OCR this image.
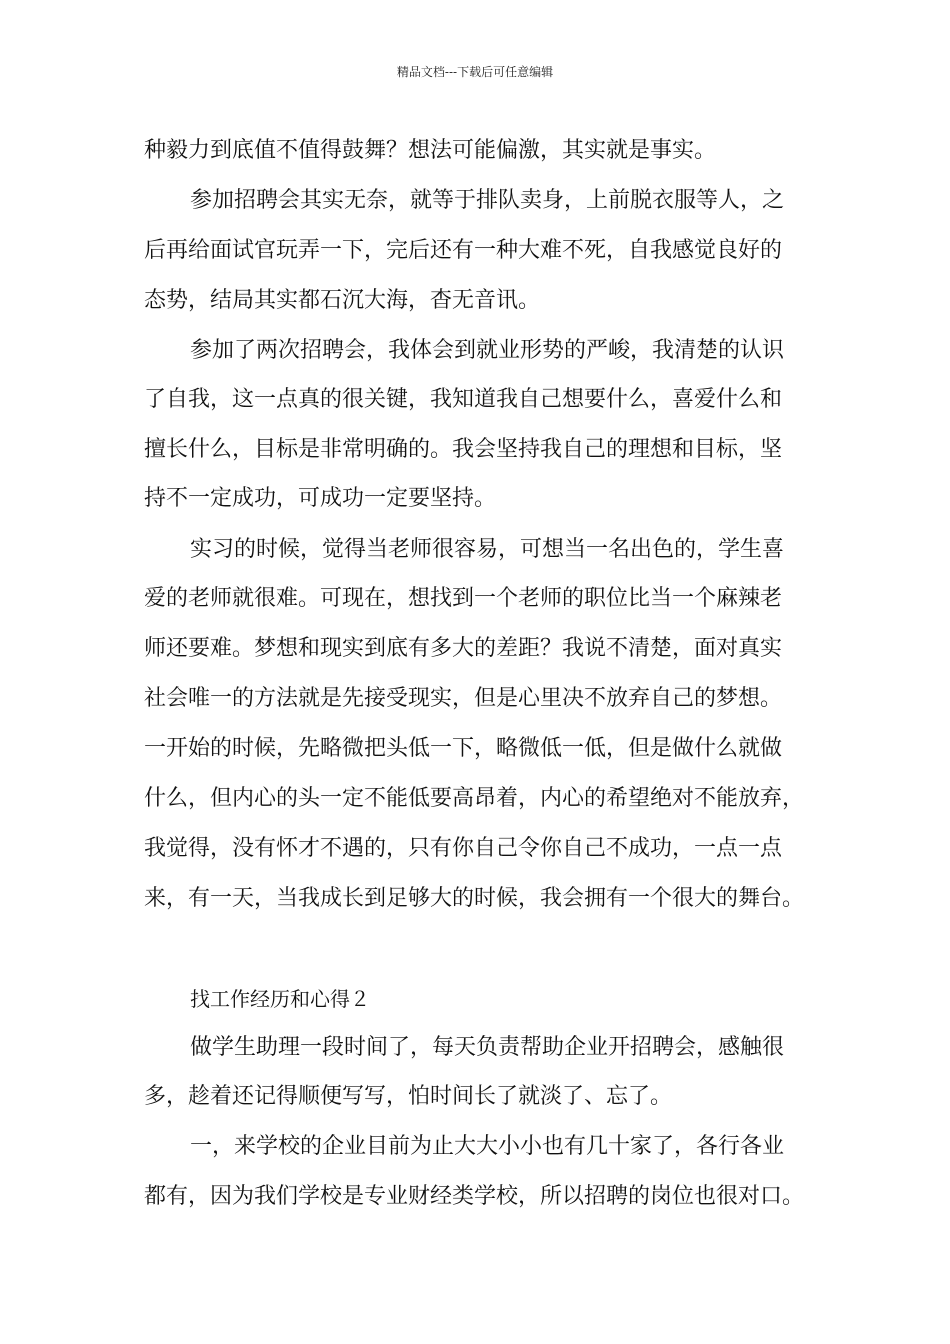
精品文档---下载后可任意编辑
种毅力到底值不值得鼓舞？想法可能偏激，其实就是事实。
参加招聘会其实无奈，就等于排队卖身，上前脱衣服等人，之
后再给面试官玩弄一下，完后还有一种大难不死，自我感觉良好的
态势，结局其实都石沉大海，杳无音讯。
参加了两次招聘会，我体会到就业形势的严峻，我清楚的认识
了自我，这一点真的很关键，我知道我自己想要什么，喜爱什么和
擅长什么，目标是非常明确的。我会坚持我自己的理想和目标，坚
持不一定成功，可成功一定要坚持。
实习的时候，觉得当老师很容易，可想当一名出色的，学生喜
爱的老师就很难。可现在，想找到一个老师的职位比当一个麻辣老
师还要难。梦想和现实到底有多大的差距？我说不清楚，面对真实
社会唯一的方法就是先接受现实，但是心里决不放弃自己的梦想。
一开始的时候，先略微把头低一下，略微低一低，但是做什么就做
什么，但内心的头一定不能低要高昂着，内心的希望绝对不能放弃，
我觉得，没有怀才不遇的，只有你自己令你自己不成功，一点一点
来，有一天，当我成长到足够大的时候，我会拥有一个很大的舞台。
找工作经历和心得２
做学生助理一段时间了，每天负责帮助企业开招聘会，感触很
多，趁着还记得顺便写写，怕时间长了就淡了、忘了。
一，来学校的企业目前为止大大小小也有几十家了，各行各业
都有，因为我们学校是专业财经类学校，所以招聘的岗位也很对口。
